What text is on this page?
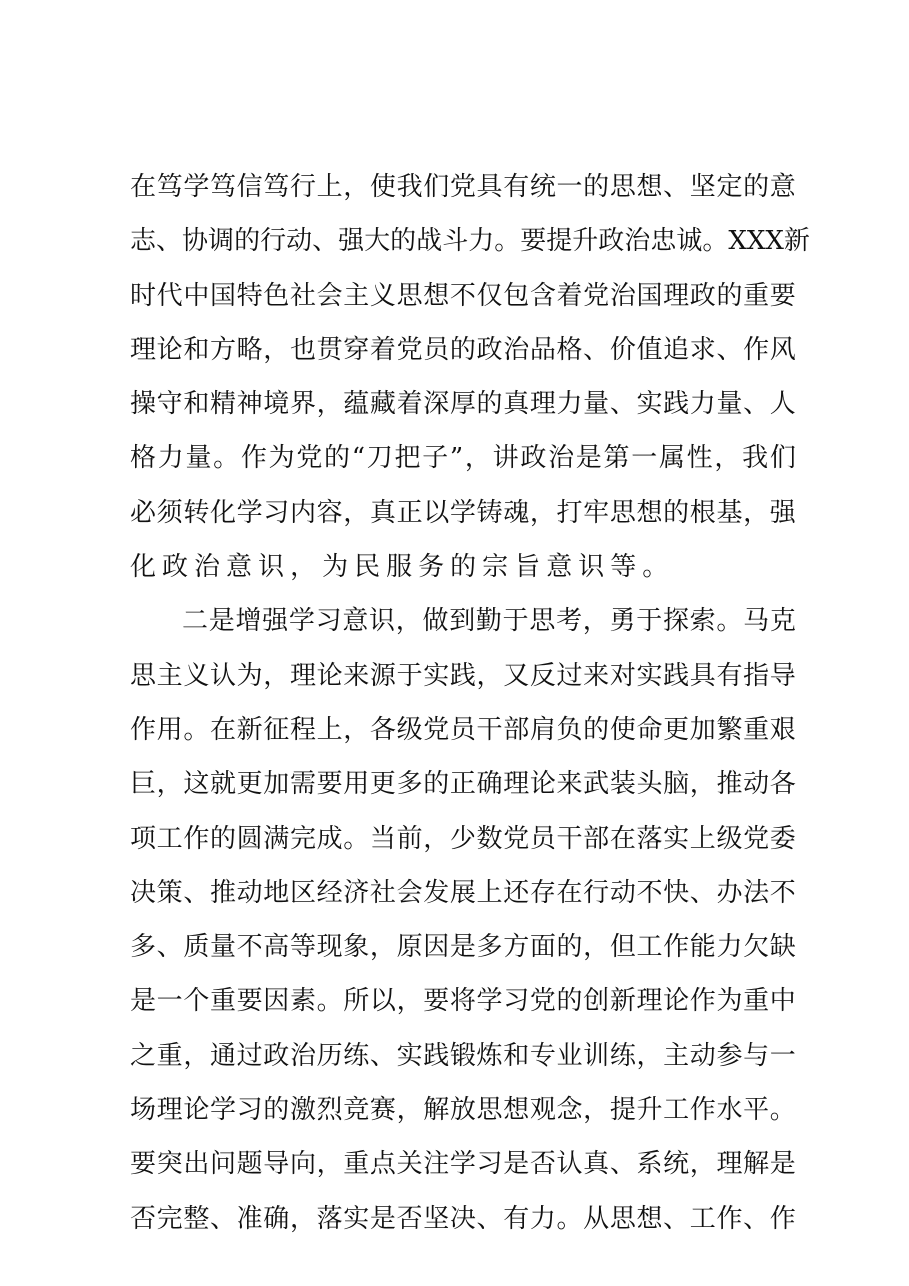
在 笃 学 笃 信 笃 行 上 ， 使 我 们 党 具 有 统 一 的 思 想 、 坚 定 的 意
志 、 协 调 的 行 动 、 强 大 的 战 斗 力 。 要 提 升 政 治 忠 诚 。 XXX 新
时 代 中 国 特 色 社 会 主 义 思 想 不 仅 包 含 着 党 治 国 理 政 的 重 要
理 论 和 方 略 ， 也 贯 穿 着 党 员 的 政 治 品 格 、 价 值 追 求 、 作 风
操 守 和 精 神 境 界 ， 蕴 藏 着 深 厚 的 真 理 力 量 、 实 践 力 量 、 人
格 力 量 。 作 为 党 的 “ 刀 把 子 ” ， 讲 政 治 是 第 一 属 性 ， 我 们
必 须 转 化 学 习 内 容 ， 真 正 以 学 铸 魂 ， 打 牢 思 想 的 根 基 ， 强
化 政 治 意 识 ， 为 民 服 务 的 宗 旨 意 识 等 。
二 是 增 强 学 习 意 识 ， 做 到 勤 于 思 考 ， 勇 于 探 索 。 马 克
思 主 义 认 为 ， 理 论 来 源 于 实 践 ， 又 反 过 来 对 实 践 具 有 指 导
作 用 。 在 新 征 程 上 ， 各 级 党 员 干 部 肩 负 的 使 命 更 加 繁 重 艰
巨 ， 这 就 更 加 需 要 用 更 多 的 正 确 理 论 来 武 装 头 脑 ， 推 动 各
项 工 作 的 圆 满 完 成 。 当 前 ， 少 数 党 员 干 部 在 落 实 上 级 党 委
决 策 、 推 动 地 区 经 济 社 会 发 展 上 还 存 在 行 动 不 快 、 办 法 不
多 、 质 量 不 高 等 现 象 ， 原 因 是 多 方 面 的 ， 但 工 作 能 力 欠 缺
是 一 个 重 要 因 素 。 所 以 ， 要 将 学 习 党 的 创 新 理 论 作 为 重 中
之 重 ， 通 过 政 治 历 练 、 实 践 锻 炼 和 专 业 训 练 ， 主 动 参 与 一
场 理 论 学 习 的 激 烈 竞 赛 ， 解 放 思 想 观 念 ， 提 升 工 作 水 平 。
要 突 出 问 题 导 向 ， 重 点 关 注 学 习 是 否 认 真 、 系 统 ， 理 解 是
否 完 整 、 准 确 ， 落 实 是 否 坚 决 、 有 力 。 从 思 想 、 工 作 、 作
